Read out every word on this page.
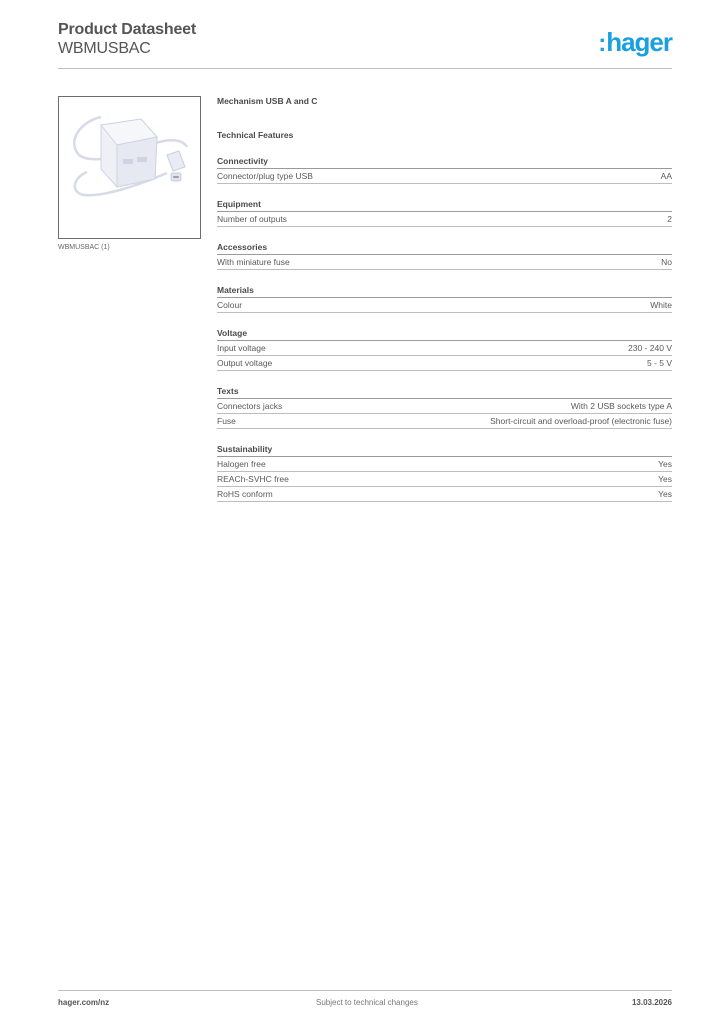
Product Datasheet
WBMUSBAC	:hager
WBMUSBAC (1)
Mechanism USB A and C
Technical Features
Connectivity
Connector/plug type USB	AA
Equipment
Number of outputs	2
Accessories
With miniature fuse	No
Materials
Colour	White
Voltage
Input voltage	230 - 240 V
Output voltage	5 - 5 V
Texts
Connectors jacks	With 2 USB sockets type A
Fuse	Short-circuit and overload-proof (electronic fuse)
Sustainability
Halogen free	Yes
REACh-SVHC free	Yes
RoHS conform	Yes
hager.com/nz	Subject to technical changes	13.03.2026
